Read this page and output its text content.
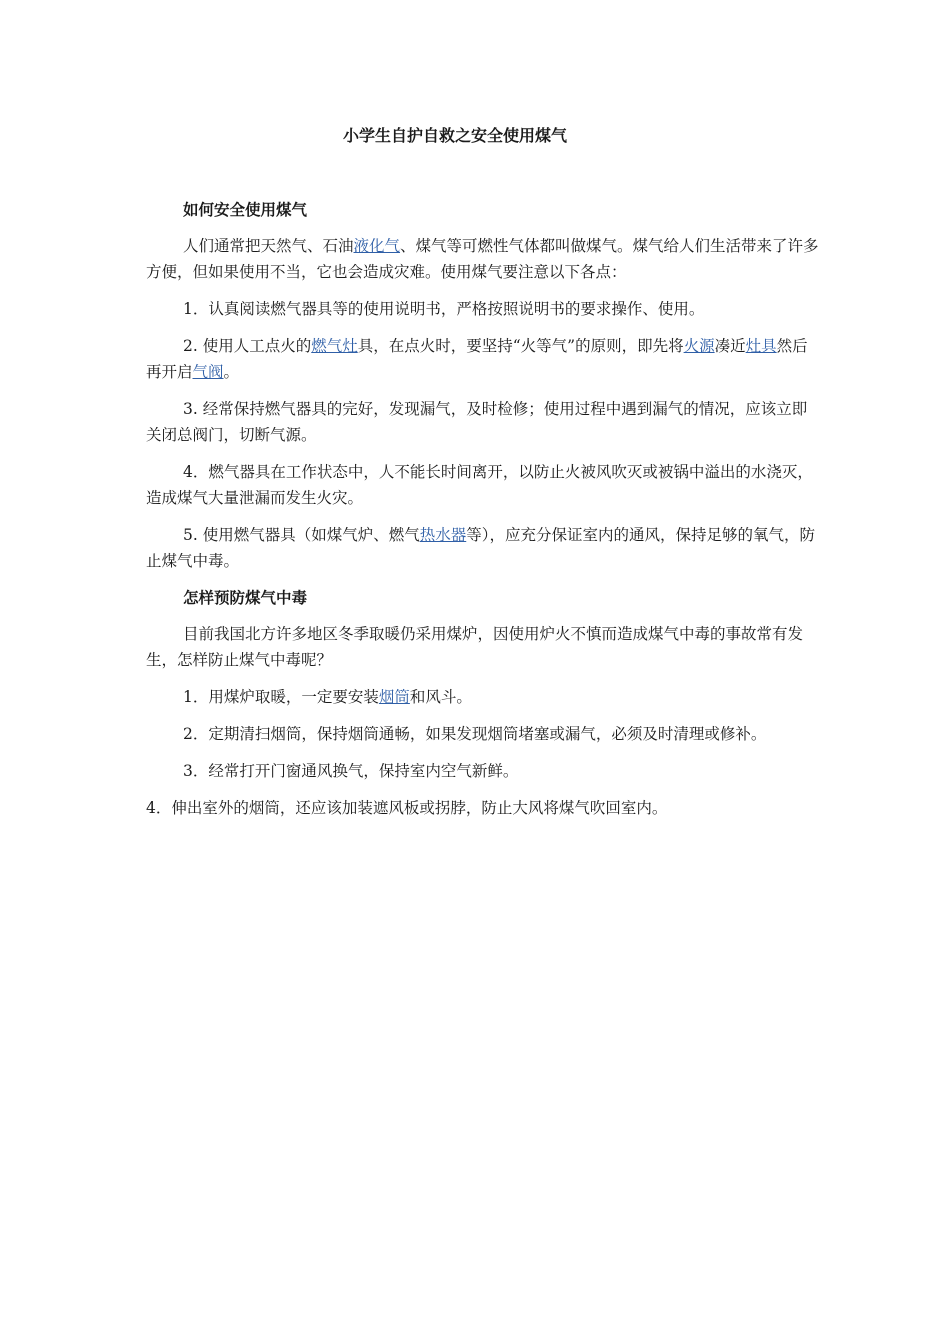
小学生自护自救之安全使用煤气
如何安全使用煤气

人们通常把天然气、石油液化气、煤气等可燃性气体都叫做煤气。煤气给人们生活带来了许多方便，但如果使用不当，它也会造成灾难。使用煤气要注意以下各点：

1．认真阅读燃气器具等的使用说明书，严格按照说明书的要求操作、使用。

2. 使用人工点火的燃气灶具，在点火时，要坚持“火等气”的原则，即先将火源凑近灶具然后再开启气阀。

3. 经常保持燃气器具的完好，发现漏气，及时检修；使用过程中遇到漏气的情况，应该立即关闭总阀门，切断气源。

4．燃气器具在工作状态中，人不能长时间离开，以防止火被风吹灭或被锅中溢出的水浇灭，造成煤气大量泄漏而发生火灾。

5. 使用燃气器具（如煤气炉、燃气热水器等），应充分保证室内的通风，保持足够的氧气，防止煤气中毒。

怎样预防煤气中毒

目前我国北方许多地区冬季取暖仍采用煤炉，因使用炉火不慎而造成煤气中毒的事故常有发生，怎样防止煤气中毒呢？

1．用煤炉取暖，一定要安装烟筒和风斗。

2．定期清扫烟筒，保持烟筒通畅，如果发现烟筒堵塞或漏气，必须及时清理或修补。

3．经常打开门窗通风换气，保持室内空气新鲜。

4．伸出室外的烟筒，还应该加装遮风板或拐脖，防止大风将煤气吹回室内。
